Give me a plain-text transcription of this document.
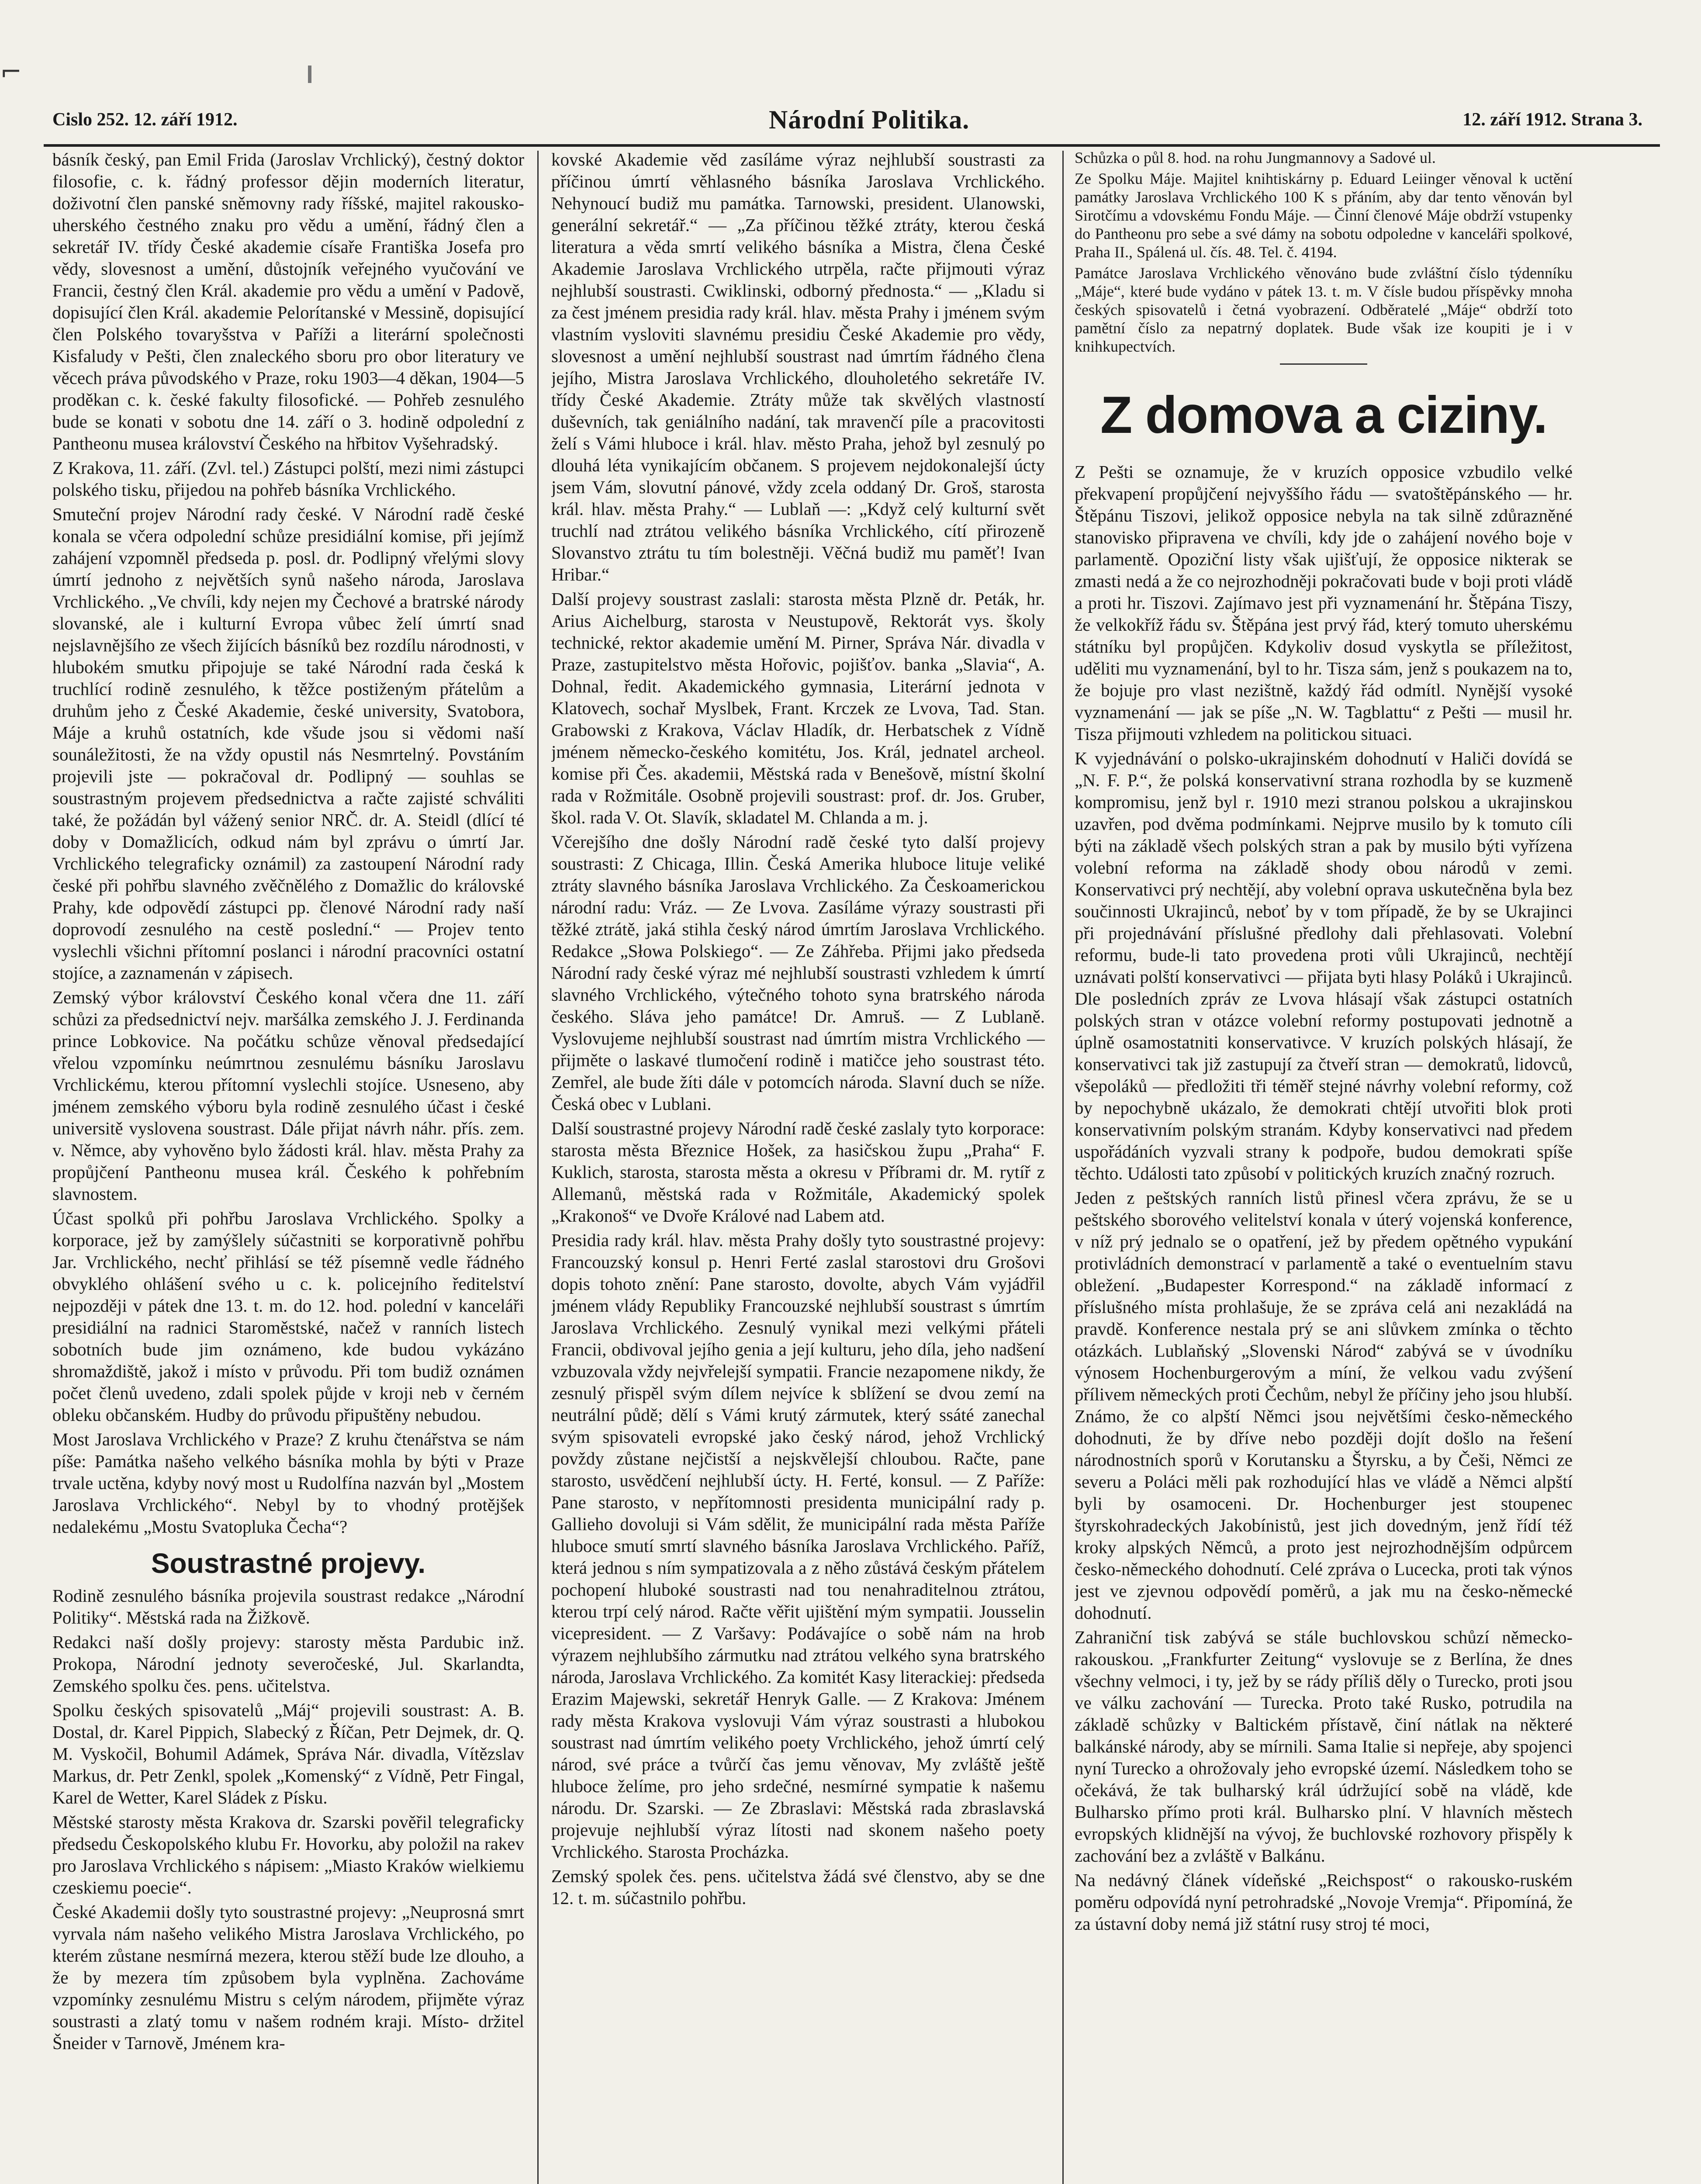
⌐
Cislo 252. 12. září 1912.	Národní Politika.	12. září 1912. Strana 3.

básník český, pan Emil Frida (Jaroslav Vrchlický), čestný doktor filosofie, c. k. řádný professor dějin moderních literatur, doživotní člen panské sněmovny rady říšské, majitel rakousko-uherského čestného znaku pro vědu a umění, řádný člen a sekretář IV. třídy České akademie císaře Františka Josefa pro vědy, slovesnost a umění, důstojník veřejného vyučování ve Francii, čestný člen Král. akademie pro vědu a umění v Padově, dopisující člen Král. akademie Pelorítanské v Messině, dopisující člen Polského tovaryšstva v Paříži a literární společnosti Kisfaludy v Pešti, člen znaleckého sboru pro obor literatury ve věcech práva původského v Praze, roku 1903—4 děkan, 1904—5 proděkan c. k. české fakulty filosofické. — Pohřeb zesnulého bude se konati v sobotu dne 14. září o 3. hodině odpolední z Pantheonu musea království Českého na hřbitov Vyšehradský.

Z Krakova, 11. září. (Zvl. tel.) Zástupci polští, mezi nimi zástupci polského tisku, přijedou na pohřeb básníka Vrchlického.

Smuteční projev Národní rady české. V Národní radě české konala se včera odpolední schůze presidiální komise, při jejímž zahájení vzpomněl předseda p. posl. dr. Podlipný vřelými slovy úmrtí jednoho z největších synů našeho národa, Jaroslava Vrchlického. „Ve chvíli, kdy nejen my Čechové a bratrské národy slovanské, ale i kulturní Evropa vůbec želí úmrtí snad nejslavnějšího ze všech žijících básníků bez rozdílu národnosti, v hlubokém smutku připojuje se také Národní rada česká k truchlící rodině zesnulého, k těžce postiženým přátelům a druhům jeho z České Akademie, české university, Svatobora, Máje a kruhů ostatních, kde všude jsou si vědomi naší sounáležitosti, že na vždy opustil nás Nesmrtelný. Povstáním projevili jste — pokračoval dr. Podlipný — souhlas se soustrastným projevem předsednictva a račte zajisté schváliti také, že požádán byl vážený senior NRČ. dr. A. Steidl (dlící té doby v Domažlicích, odkud nám byl zprávu o úmrtí Jar. Vrchlického telegraficky oznámil) za zastoupení Národní rady české při pohřbu slavného zvěčnělého z Domažlic do královské Prahy, kde odpovědí zástupci pp. členové Národní rady naší doprovodí zesnulého na cestě poslední.“ — Projev tento vyslechli všichni přítomní poslanci i národní pracovníci ostatní stojíce, a zaznamenán v zápisech.

Zemský výbor království Českého konal včera dne 11. září schůzi za předsednictví nejv. maršálka zemského J. J. Ferdinanda prince Lobkovice. Na počátku schůze věnoval předsedající vřelou vzpomínku neúmrtnou zesnulému básníku Jaroslavu Vrchlickému, kterou přítomní vyslechli stojíce. Usneseno, aby jménem zemského výboru byla rodině zesnulého účast i české universitě vyslovena soustrast. Dále přijat návrh náhr. přís. zem. v. Němce, aby vyhověno bylo žádosti král. hlav. města Prahy za propůjčení Pantheonu musea král. Českého k pohřebním slavnostem.

Účast spolků při pohřbu Jaroslava Vrchlického. Spolky a korporace, jež by zamýšlely súčastniti se korporativně pohřbu Jar. Vrchlického, nechť přihlásí se též písemně vedle řádného obvyklého ohlášení svého u c. k. policejního ředitelství nejpozději v pátek dne 13. t. m. do 12. hod. polední v kanceláři presidiální na radnici Staroměstské, načež v ranních listech sobotních bude jim oznámeno, kde budou vykázáno shromaždiště, jakož i místo v průvodu. Při tom budiž oznámen počet členů uvedeno, zdali spolek půjde v kroji neb v černém obleku občanském. Hudby do průvodu připuštěny nebudou.

Most Jaroslava Vrchlického v Praze? Z kruhu čtenářstva se nám píše: Památka našeho velkého básníka mohla by býti v Praze trvale uctěna, kdyby nový most u Rudolfína nazván byl „Mostem Jaroslava Vrchlického“. Nebyl by to vhodný protějšek nedalekému „Mostu Svatopluka Čecha“?

Soustrastné projevy.

Rodině zesnulého básníka projevila soustrast redakce „Národní Politiky“. Městská rada na Žižkově.

Redakci naší došly projevy: starosty města Pardubic inž. Prokopa, Národní jednoty severočeské, Jul. Skarlandta, Zemského spolku čes. pens. učitelstva.

Spolku českých spisovatelů „Máj“ projevili soustrast: A. B. Dostal, dr. Karel Pippich, Slabecký z Říčan, Petr Dejmek, dr. Q. M. Vyskočil, Bohumil Adámek, Správa Nár. divadla, Vítězslav Markus, dr. Petr Zenkl, spolek „Komenský“ z Vídně, Petr Fingal, Karel de Wetter, Karel Sládek z Písku.

Městské starosty města Krakova dr. Szarski pověřil telegraficky předsedu Českopolského klubu Fr. Hovorku, aby položil na rakev pro Jaroslava Vrchlického s nápisem: „Miasto Kraków wielkiemu czeskiemu poecie“.

České Akademii došly tyto soustrastné projevy: „Neuprosná smrt vyrvala nám našeho velikého Mistra Jaroslava Vrchlického, po kterém zůstane nesmírná mezera, kterou stěží bude lze dlouho, a že by mezera tím způsobem byla vyplněna. Zachováme vzpomínky zesnulému Mistru s celým národem, přijměte výraz soustrasti a zlatý tomu v našem rodném kraji. Místo- držitel Šneider v Tarnově, Jménem kra-

kovské Akademie věd zasíláme výraz nejhlubší soustrasti za příčinou úmrtí věhlasného básníka Jaroslava Vrchlického. Nehynoucí budiž mu památka. Tarnowski, president. Ulanowski, generální sekretář.“ — „Za příčinou těžké ztráty, kterou česká literatura a věda smrtí velikého básníka a Mistra, člena České Akademie Jaroslava Vrchlického utrpěla, račte přijmouti výraz nejhlubší soustrasti. Cwiklinski, odborný přednosta.“ — „Kladu si za čest jménem presidia rady král. hlav. města Prahy i jménem svým vlastním vysloviti slavnému presidiu České Akademie pro vědy, slovesnost a umění nejhlubší soustrast nad úmrtím řádného člena jejího, Mistra Jaroslava Vrchlického, dlouholetého sekretáře IV. třídy České Akademie. Ztráty může tak skvělých vlastností duševních, tak geniálního nadání, tak mravenčí píle a pracovitosti želí s Vámi hluboce i král. hlav. město Praha, jehož byl zesnulý po dlouhá léta vynikajícím občanem. S projevem nejdokonalejší úcty jsem Vám, slovutní pánové, vždy zcela oddaný Dr. Groš, starosta král. hlav. města Prahy.“ — Lublaň —: „Když celý kulturní svět truchlí nad ztrátou velikého básníka Vrchlického, cítí přirozeně Slovanstvo ztrátu tu tím bolestněji. Věčná budiž mu paměť! Ivan Hribar.“

Další projevy soustrast zaslali: starosta města Plzně dr. Peták, hr. Arius Aichelburg, starosta v Neustupově, Rektorát vys. školy technické, rektor akademie umění M. Pirner, Správa Nár. divadla v Praze, zastupitelstvo města Hořovic, pojišťov. banka „Slavia“, A. Dohnal, ředit. Akademického gymnasia, Literární jednota v Klatovech, sochař Myslbek, Frant. Krczek ze Lvova, Tad. Stan. Grabowski z Krakova, Václav Hladík, dr. Herbatschek z Vídně jménem německo-českého komitétu, Jos. Král, jednatel archeol. komise při Čes. akademii, Městská rada v Benešově, místní školní rada v Rožmitále. Osobně projevili soustrast: prof. dr. Jos. Gruber, škol. rada V. Ot. Slavík, skladatel M. Chlanda a m. j.

Včerejšího dne došly Národní radě české tyto další projevy soustrasti: Z Chicaga, Illin. Česká Amerika hluboce lituje veliké ztráty slavného básníka Jaroslava Vrchlického. Za Českoamerickou národní radu: Vráz. — Ze Lvova. Zasíláme výrazy soustrasti při těžké ztrátě, jaká stihla český národ úmrtím Jaroslava Vrchlického. Redakce „Słowa Polskiego“. — Ze Záhřeba. Přijmi jako předseda Národní rady české výraz mé nejhlubší soustrasti vzhledem k úmrtí slavného Vrchlického, výtečného tohoto syna bratrského národa českého. Sláva jeho památce! Dr. Amruš. — Z Lublaně. Vyslovujeme nejhlubší soustrast nad úmrtím mistra Vrchlického — přijměte o laskavé tlumočení rodině i matičce jeho soustrast této. Zemřel, ale bude žíti dále v potomcích národa. Slavní duch se níže. Česká obec v Lublani.

Další soustrastné projevy Národní radě české zaslaly tyto korporace: starosta města Březnice Hošek, za hasičskou župu „Praha“ F. Kuklich, starosta, starosta města a okresu v Příbrami dr. M. rytíř z Allemanů, městská rada v Rožmitále, Akademický spolek „Krakonoš“ ve Dvoře Králové nad Labem atd.

Presidia rady král. hlav. města Prahy došly tyto soustrastné projevy: Francouzský konsul p. Henri Ferté zaslal starostovi dru Grošovi dopis tohoto znění: Pane starosto, dovolte, abych Vám vyjádřil jménem vlády Republiky Francouzské nejhlubší soustrast s úmrtím Jaroslava Vrchlického. Zesnulý vynikal mezi velkými přáteli Francii, obdivoval jejího genia a její kulturu, jeho díla, jeho nadšení vzbuzovala vždy nejvřelejší sympatii. Francie nezapomene nikdy, že zesnulý přispěl svým dílem nejvíce k sblížení se dvou zemí na neutrální půdě; dělí s Vámi krutý zármutek, který ssáté zanechal svým spisovateli evropské jako český národ, jehož Vrchlický povždy zůstane nejčistší a nejskvělejší chloubou. Račte, pane starosto, usvědčení nejhlubší úcty. H. Ferté, konsul. — Z Paříže: Pane starosto, v nepřítomnosti presidenta municipální rady p. Gallieho dovoluji si Vám sdělit, že municipální rada města Paříže hluboce smutí smrtí slavného básníka Jaroslava Vrchlického. Paříž, která jednou s ním sympatizovala a z něho zůstává českým přátelem pochopení hluboké soustrasti nad tou nenahraditelnou ztrátou, kterou trpí celý národ. Račte věřit ujištění mým sympatii. Jousselin vicepresident. — Z Varšavy: Podávajíce o sobě nám na hrob výrazem nejhlubšího zármutku nad ztrátou velkého syna bratrského národa, Jaroslava Vrchlického. Za komitét Kasy literackiej: předseda Erazim Majewski, sekretář Henryk Galle. — Z Krakova: Jménem rady města Krakova vyslovuji Vám výraz soustrasti a hlubokou soustrast nad úmrtím velikého poety Vrchlického, jehož úmrtí celý národ, své práce a tvůrčí čas jemu věnovav, My zvláště ještě hluboce želíme, pro jeho srdečné, nesmírné sympatie k našemu národu. Dr. Szarski. — Ze Zbraslavi: Městská rada zbraslavská projevuje nejhlubší výraz lítosti nad skonem našeho poety Vrchlického. Starosta Procházka.

Zemský spolek čes. pens. učitelstva žádá své členstvo, aby se dne 12. t. m. súčastnilo pohřbu.

Schůzka o půl 8. hod. na rohu Jungmannovy a Sadové ul.

Ze Spolku Máje. Majitel knihtiskárny p. Eduard Leiinger věnoval k uctění památky Jaroslava Vrchlického 100 K s přáním, aby dar tento věnován byl Sirotčímu a vdovskému Fondu Máje. — Činní členové Máje obdrží vstupenky do Pantheonu pro sebe a své dámy na sobotu odpoledne v kanceláři spolkové, Praha II., Spálená ul. čís. 48. Tel. č. 4194.

Památce Jaroslava Vrchlického věnováno bude zvláštní číslo týdenníku „Máje“, které bude vydáno v pátek 13. t. m. V čísle budou příspěvky mnoha českých spisovatelů i četná vyobrazení. Odběratelé „Máje“ obdrží toto pamětní číslo za nepatrný doplatek. Bude však ize koupiti je i v knihkupectvích.

Z domova a ciziny.

Z Pešti se oznamuje, že v kruzích opposice vzbudilo velké překvapení propůjčení nejvyššího řádu — svatoštěpánského — hr. Štěpánu Tiszovi, jelikož opposice nebyla na tak silně zdůrazněné stanovisko připravena ve chvíli, kdy jde o zahájení nového boje v parlamentě. Opoziční listy však ujišťují, že opposice nikterak se zmasti nedá a že co nejrozhodněji pokračovati bude v boji proti vládě a proti hr. Tiszovi. Zajímavo jest při vyznamenání hr. Štěpána Tiszy, že velkokříž řádu sv. Štěpána jest prvý řád, který tomuto uherskému státníku byl propůjčen. Kdykoliv dosud vyskytla se příležitost, uděliti mu vyznamenání, byl to hr. Tisza sám, jenž s poukazem na to, že bojuje pro vlast nezištně, každý řád odmítl. Nynější vysoké vyznamenání — jak se píše „N. W. Tagblattu“ z Pešti — musil hr. Tisza přijmouti vzhledem na politickou situaci.

K vyjednávání o polsko-ukrajinském dohodnutí v Haliči dovídá se „N. F. P.“, že polská konservativní strana rozhodla by se kuzmeně kompromisu, jenž byl r. 1910 mezi stranou polskou a ukrajinskou uzavřen, pod dvěma podmínkami. Nejprve musilo by k tomuto cíli býti na základě všech polských stran a pak by musilo býti vyřízena volební reforma na základě shody obou národů v zemi. Konservativci prý nechtějí, aby volební oprava uskutečněna byla bez součinnosti Ukrajinců, neboť by v tom případě, že by se Ukrajinci při projednávání příslušné předlohy dali přehlasovati. Volební reformu, bude-li tato provedena proti vůli Ukrajinců, nechtějí uznávati polští konservativci — přijata byti hlasy Poláků i Ukrajinců. Dle posledních zpráv ze Lvova hlásají však zástupci ostatních polských stran v otázce volební reformy postupovati jednotně a úplně osamostatniti konservativce. V kruzích polských hlásají, že konservativci tak již zastupují za čtveří stran — demokratů, lidovců, všepoláků — předložiti tři téměř stejné návrhy volební reformy, což by nepochybně ukázalo, že demokrati chtějí utvořiti blok proti konservativním polským stranám. Kdyby konservativci nad předem uspořádáních vyzvali strany k podpoře, budou demokrati spíše těchto. Události tato způsobí v politických kruzích značný rozruch.

Jeden z peštských ranních listů přinesl včera zprávu, že se u peštského sborového velitelství konala v úterý vojenská konference, v níž prý jednalo se o opatření, jež by předem opětného vypukání protivládních demonstrací v parlamentě a také o eventuelním stavu obležení. „Budapester Korrespond.“ na základě informací z příslušného místa prohlašuje, že se zpráva celá ani nezakládá na pravdě. Konference nestala prý se ani slůvkem zmínka o těchto otázkách. Lublaňský „Slovenski Národ“ zabývá se v úvodníku výnosem Hochenburgerovým a míní, že velkou vadu zvýšení přílivem německých proti Čechům, nebyl že příčiny jeho jsou hlubší. Známo, že co alpští Němci jsou největšími česko-německého dohodnuti, že by dříve nebo později dojít došlo na řešení národnostních sporů v Korutansku a Štyrsku, a by Češi, Němci ze severu a Poláci měli pak rozhodující hlas ve vládě a Němci alpští byli by osamoceni. Dr. Hochenburger jest stoupenec štyrskohradeckých Jakobínistů, jest jich dovedným, jenž řídí též kroky alpských Němců, a proto jest nejrozhodnějším odpůrcem česko-německého dohodnutí. Celé zpráva o Lucecka, proti tak výnos jest ve zjevnou odpovědí poměrů, a jak mu na česko-německé dohodnutí.

Zahraniční tisk zabývá se stále buchlovskou schůzí německo-rakouskou. „Frankfurter Zeitung“ vyslovuje se z Berlína, že dnes všechny velmoci, i ty, jež by se rády příliš děly o Turecko, proti jsou ve válku zachování — Turecka. Proto také Rusko, potrudila na základě schůzky v Baltickém přístavě, činí nátlak na některé balkánské národy, aby se mírnili. Sama Italie si nepřeje, aby spojenci nyní Turecko a ohrožovaly jeho evropské území. Následkem toho se očekává, že tak bulharský král údržující sobě na vládě, kde Bulharsko přímo proti král. Bulharsko plní. V hlavních městech evropských klidnější na vývoj, že buchlovské rozhovory přispěly k zachování bez a zvláště v Balkánu.

Na nedávný článek vídeňské „Reichspost“ o rakousko-ruském poměru odpovídá nyní petrohradské „Novoje Vremja“. Připomíná, že za ústavní doby nemá již státní rusy stroj té moci,
